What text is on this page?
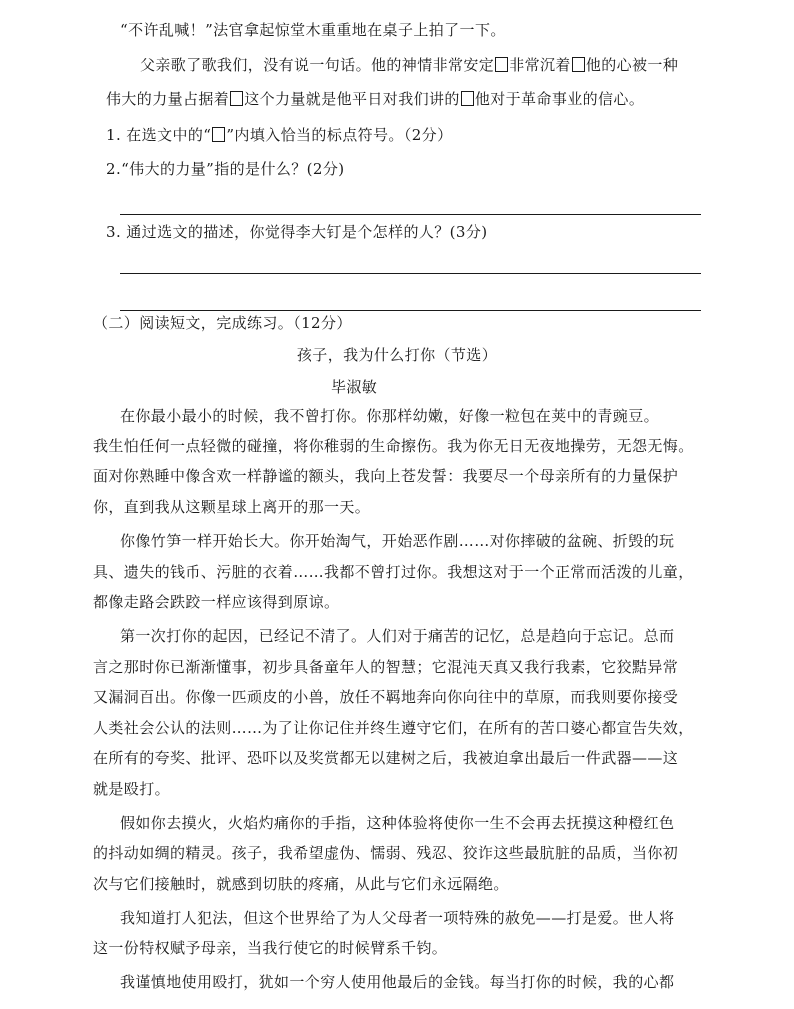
“不许乱喊！”法官拿起惊堂木重重地在桌子上拍了一下。
父亲歌了歌我们，没有说一句话。他的神情非常安定 非常沉着 他的心被一种
伟大的力量占据着 这个力量就是他平日对我们讲的 他对于革命事业的信心。
1. 在选文中的“ ”内填入恰当的标点符号。（2分）
2.“伟大的力量”指的是什么？(2分)
3. 通过选文的描述，你觉得李大钉是个怎样的人？(3分)
（二）阅读短文，完成练习。（12分）
孩子，我为什么打你（节选）
毕淑敏
在你最小最小的时候，我不曾打你。你那样幼嫩，好像一粒包在荚中的青豌豆。
我生怕任何一点轻微的碰撞，将你稚弱的生命擦伤。我为你无日无夜地操劳，无怨无悔。
面对你熟睡中像含欢一样静谧的额头，我向上苍发誓：我要尽一个母亲所有的力量保护
你，直到我从这颗星球上离开的那一天。
你像竹笋一样开始长大。你开始淘气，开始恶作剧……对你摔破的盆碗、折毁的玩
具、遗失的钱币、污脏的衣着……我都不曾打过你。我想这对于一个正常而活泼的儿童，
都像走路会跌跤一样应该得到原谅。
第一次打你的起因，已经记不清了。人们对于痛苦的记忆，总是趋向于忘记。总而
言之那时你已渐渐懂事，初步具备童年人的智慧；它混沌天真又我行我素，它狡黠异常
又漏洞百出。你像一匹顽皮的小兽，放任不羁地奔向你向往中的草原，而我则要你接受
人类社会公认的法则……为了让你记住并终生遵守它们，在所有的苦口婆心都宣告失效，
在所有的夸奖、批评、恐吓以及奖赏都无以建树之后，我被迫拿出最后一件武器——这
就是殴打。
假如你去摸火，火焰灼痛你的手指，这种体验将使你一生不会再去抚摸这种橙红色
的抖动如绸的精灵。孩子，我希望虚伪、懦弱、残忍、狡诈这些最肮脏的品质，当你初
次与它们接触时，就感到切肤的疼痛，从此与它们永远隔绝。
我知道打人犯法，但这个世界给了为人父母者一项特殊的赦免——打是爱。世人将
这一份特权赋予母亲，当我行使它的时候臂系千钧。
我谨慎地使用殴打，犹如一个穷人使用他最后的金钱。每当打你的时候，我的心都
